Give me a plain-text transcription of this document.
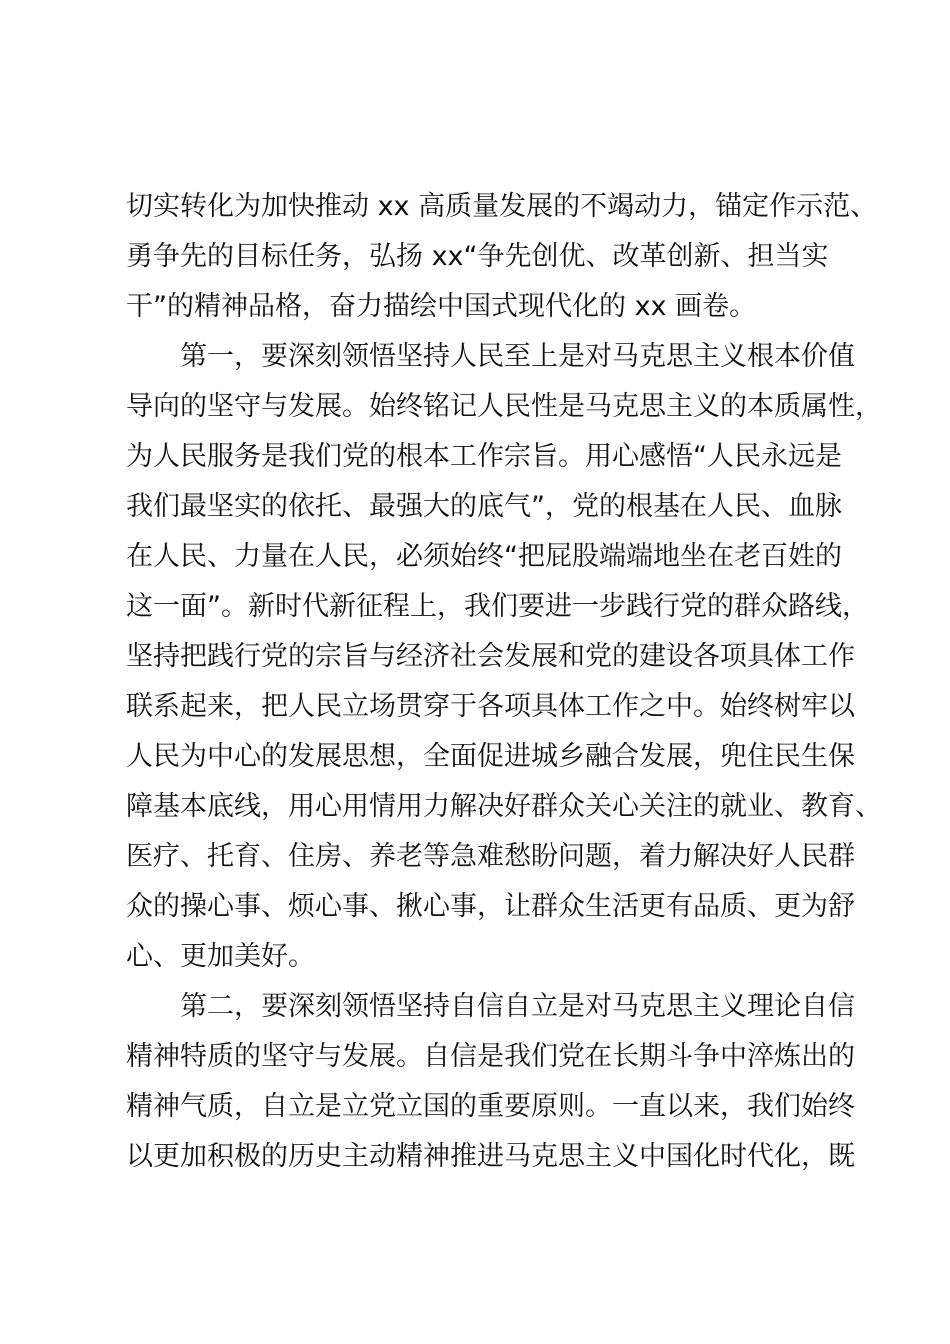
切实转化为加快推动 xx 高质量发展的不竭动力，锚定作示范、
勇争先的目标任务，弘扬 xx“争先创优、改革创新、担当实
干”的精神品格，奋力描绘中国式现代化的 xx 画卷。
第一，要深刻领悟坚持人民至上是对马克思主义根本价值
导向的坚守与发展。始终铭记人民性是马克思主义的本质属性，
为人民服务是我们党的根本工作宗旨。用心感悟“人民永远是
我们最坚实的依托、最强大的底气”，党的根基在人民、血脉
在人民、力量在人民，必须始终“把屁股端端地坐在老百姓的
这一面”。新时代新征程上，我们要进一步践行党的群众路线，
坚持把践行党的宗旨与经济社会发展和党的建设各项具体工作
联系起来，把人民立场贯穿于各项具体工作之中。始终树牢以
人民为中心的发展思想，全面促进城乡融合发展，兜住民生保
障基本底线，用心用情用力解决好群众关心关注的就业、教育、
医疗、托育、住房、养老等急难愁盼问题，着力解决好人民群
众的操心事、烦心事、揪心事，让群众生活更有品质、更为舒
心、更加美好。
第二，要深刻领悟坚持自信自立是对马克思主义理论自信
精神特质的坚守与发展。自信是我们党在长期斗争中淬炼出的
精神气质，自立是立党立国的重要原则。一直以来，我们始终
以更加积极的历史主动精神推进马克思主义中国化时代化，既
